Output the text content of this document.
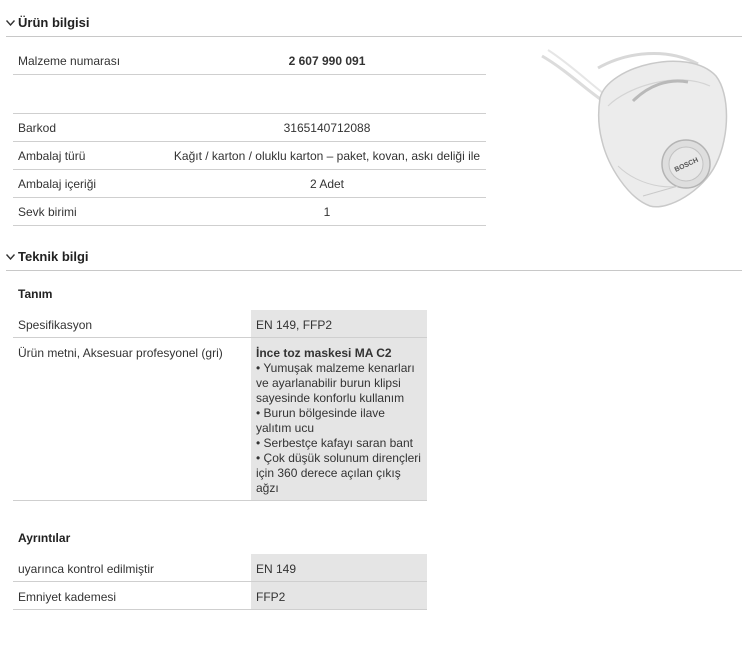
Ürün bilgisi
Malzeme numarası	2 607 990 091
Barkod	3165140712088
Ambalaj türü	Kağıt / karton / oluklu karton – paket, kovan, askı deliği ile
Ambalaj içeriği	2 Adet
Sevk birimi	1
BOSCH
Teknik bilgi
Tanım
Spesifikasyon	EN 149, FFP2
Ürün metni, Aksesuar profesyonel (gri)	İnce toz maskesi MA C2
• Yumuşak malzeme kenarları
ve ayarlanabilir burun klipsi
sayesinde konforlu kullanım
• Burun bölgesinde ilave
yalıtım ucu
• Serbestçe kafayı saran bant
• Çok düşük solunum dirençleri
için 360 derece açılan çıkış
ağzı
Ayrıntılar
uyarınca kontrol edilmiştir	EN 149
Emniyet kademesi	FFP2
